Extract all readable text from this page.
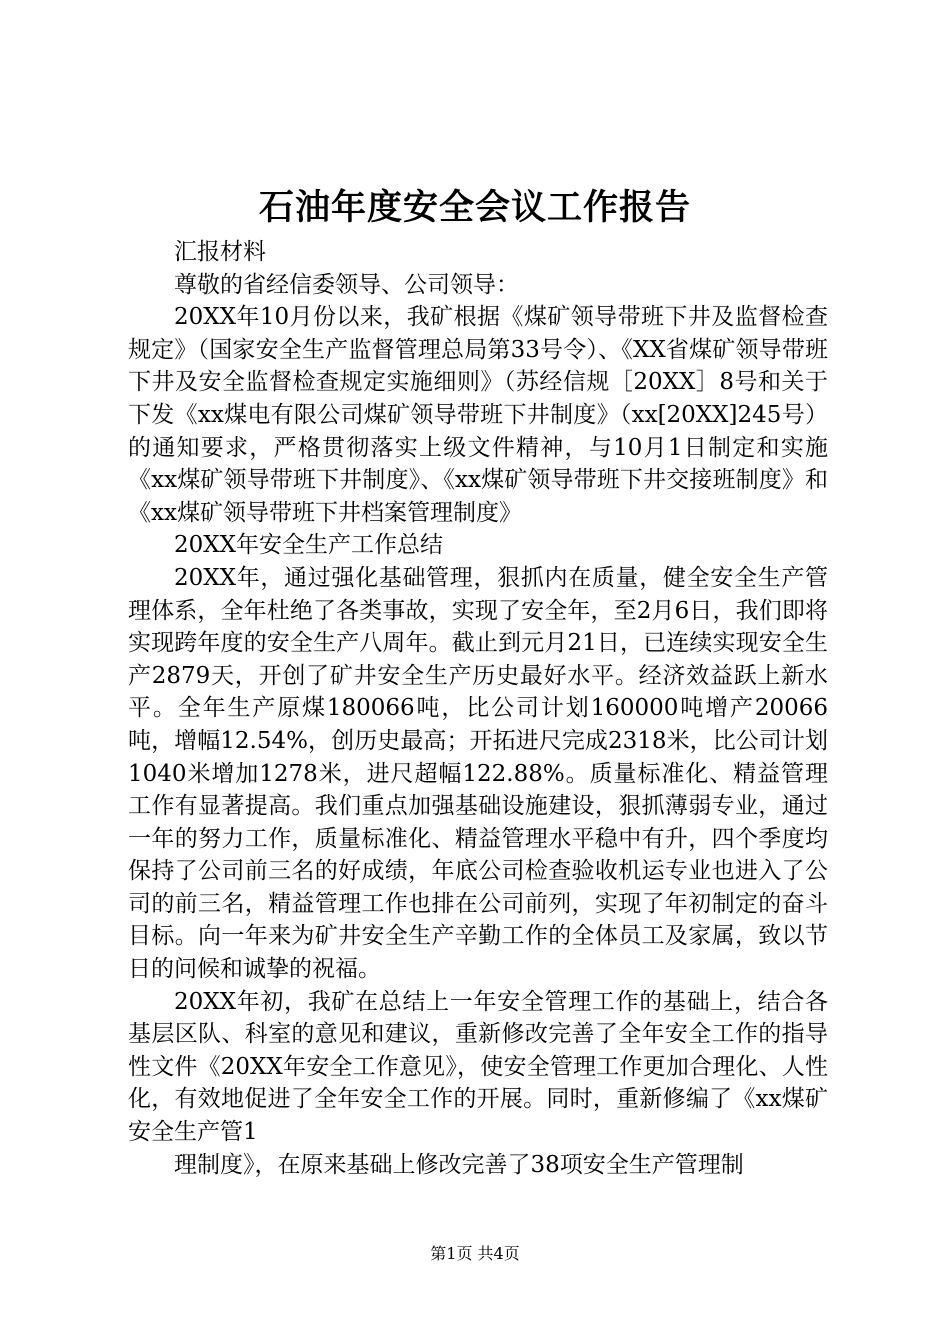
石油年度安全会议工作报告

汇报材料

尊敬的省经信委领导、公司领导：

20XX年10月份以来，我矿根据《煤矿领导带班下井及监督检查规定》（国家安全生产监督管理总局第33号令）、《XX省煤矿领导带班下井及安全监督检查规定实施细则》（苏经信规［20XX］8号和关于下发《xx煤电有限公司煤矿领导带班下井制度》（xx[20XX]245号）的通知要求，严格贯彻落实上级文件精神，与10月1日制定和实施《xx煤矿领导带班下井制度》、《xx煤矿领导带班下井交接班制度》和《xx煤矿领导带班下井档案管理制度》

20XX年安全生产工作总结

20XX年，通过强化基础管理，狠抓内在质量，健全安全生产管理体系，全年杜绝了各类事故，实现了安全年，至2月6日，我们即将实现跨年度的安全生产八周年。截止到元月21日，已连续实现安全生产2879天，开创了矿井安全生产历史最好水平。经济效益跃上新水平。全年生产原煤180066吨，比公司计划160000吨增产20066吨，增幅12.54%，创历史最高；开拓进尺完成2318米，比公司计划1040米增加1278米，进尺超幅122.88%。质量标准化、精益管理工作有显著提高。我们重点加强基础设施建设，狠抓薄弱专业，通过一年的努力工作，质量标准化、精益管理水平稳中有升，四个季度均保持了公司前三名的好成绩，年底公司检查验收机运专业也进入了公司的前三名，精益管理工作也排在公司前列，实现了年初制定的奋斗目标。向一年来为矿井安全生产辛勤工作的全体员工及家属，致以节日的问候和诚挚的祝福。

20XX年初，我矿在总结上一年安全管理工作的基础上，结合各基层区队、科室的意见和建议，重新修改完善了全年安全工作的指导性文件《20XX年安全工作意见》，使安全管理工作更加合理化、人性化，有效地促进了全年安全工作的开展。同时，重新修编了《xx煤矿安全生产管1

理制度》，在原来基础上修改完善了38项安全生产管理制

第1页 共4页
